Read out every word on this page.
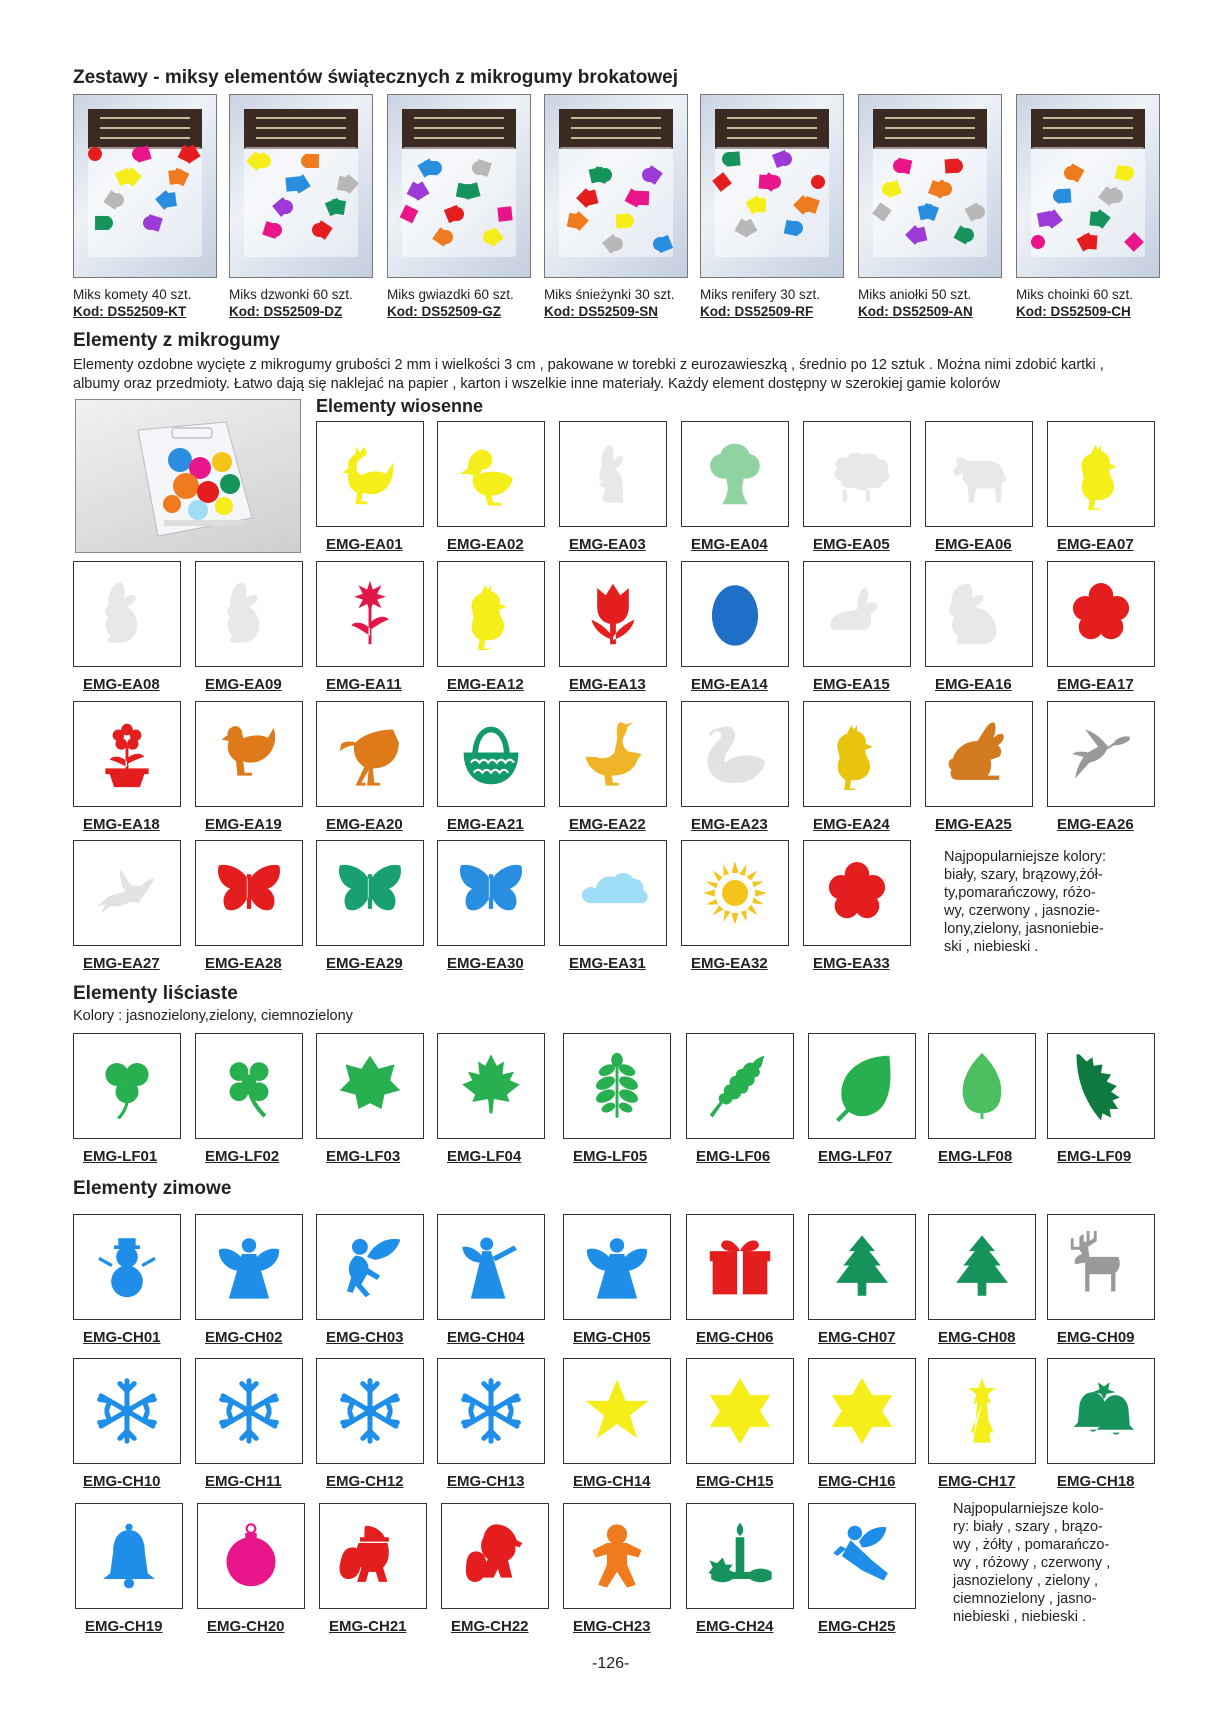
Zestawy - miksy elementów świątecznych z mikrogumy brokatowej
Miks komety 40 szt.
Kod: DS52509-KT
Miks dzwonki 60 szt.
Kod: DS52509-DZ
Miks gwiazdki 60 szt.
Kod: DS52509-GZ
Miks śnieżynki 30 szt.
Kod: DS52509-SN
Miks renifery 30 szt.
Kod: DS52509-RF
Miks aniołki 50 szt.
Kod: DS52509-AN
Miks choinki 60 szt.
Kod: DS52509-CH
Elementy z mikrogumy
Elementy ozdobne wycięte z mikrogumy grubości 2 mm i wielkości 3 cm , pakowane w torebki z eurozawieszką , średnio po 12 sztuk . Można nimi zdobić kartki ,
albumy oraz przedmioty. Łatwo dają się naklejać na papier , karton i wszelkie inne materiały. Każdy element dostępny w szerokiej gamie kolorów
Elementy wiosenne
EMG-EA01	EMG-EA02	EMG-EA03	EMG-EA04	EMG-EA05	EMG-EA06	EMG-EA07
EMG-EA08	EMG-EA09	EMG-EA11	EMG-EA12	EMG-EA13	EMG-EA14	EMG-EA15	EMG-EA16	EMG-EA17
EMG-EA18	EMG-EA19	EMG-EA20	EMG-EA21	EMG-EA22	EMG-EA23	EMG-EA24	EMG-EA25	EMG-EA26
EMG-EA27	EMG-EA28	EMG-EA29	EMG-EA30	EMG-EA31	EMG-EA32	EMG-EA33
Najpopularniejsze kolory:
biały, szary, brązowy,żół-
ty,pomarańczowy, różo-
wy, czerwony , jasnozie-
lony,zielony, jasnoniebie-
ski , niebieski .
Elementy liściaste
Kolory : jasnozielony,zielony, ciemnozielony
EMG-LF01	EMG-LF02	EMG-LF03	EMG-LF04	EMG-LF05	EMG-LF06	EMG-LF07	EMG-LF08	EMG-LF09
Elementy zimowe
EMG-CH01	EMG-CH02	EMG-CH03	EMG-CH04	EMG-CH05	EMG-CH06	EMG-CH07	EMG-CH08	EMG-CH09
EMG-CH10	EMG-CH11	EMG-CH12	EMG-CH13	EMG-CH14	EMG-CH15	EMG-CH16	EMG-CH17	EMG-CH18
EMG-CH19	EMG-CH20	EMG-CH21	EMG-CH22	EMG-CH23	EMG-CH24	EMG-CH25
Najpopularniejsze kolo-
ry: biały , szary , brązo-
wy , żółty , pomarańczo-
wy , różowy , czerwony ,
jasnozielony , zielony ,
ciemnozielony , jasno-
niebieski , niebieski .
-126-
